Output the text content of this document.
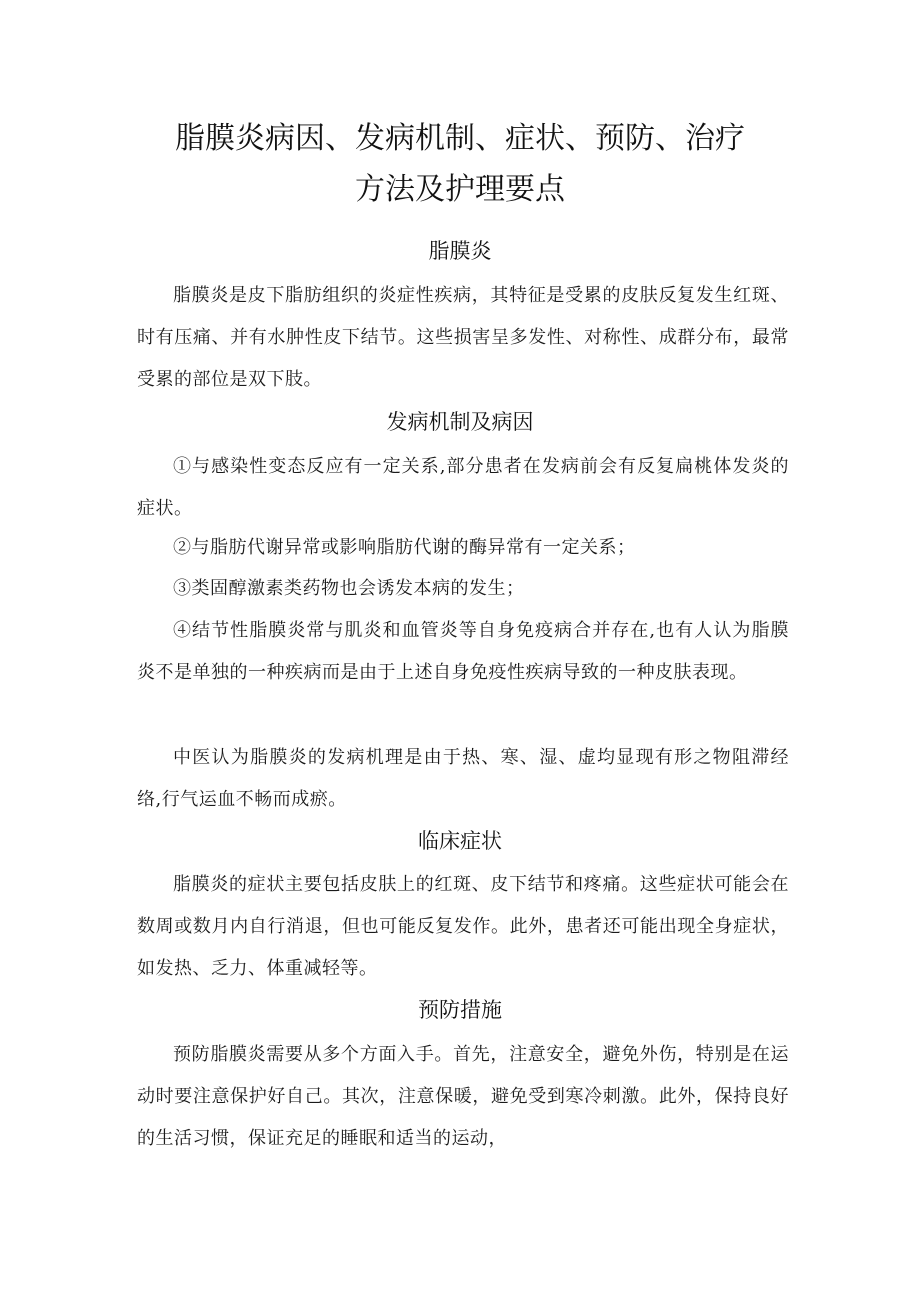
脂膜炎病因、发病机制、症状、预防、治疗
方法及护理要点
脂膜炎

脂膜炎是皮下脂肪组织的炎症性疾病，其特征是受累的皮肤反复发生红斑、时有压痛、并有水肿性皮下结节。这些损害呈多发性、对称性、成群分布，最常受累的部位是双下肢。

发病机制及病因

①与感染性变态反应有一定关系,部分患者在发病前会有反复扁桃体发炎的症状。

②与脂肪代谢异常或影响脂肪代谢的酶异常有一定关系；

③类固醇激素类药物也会诱发本病的发生；

④结节性脂膜炎常与肌炎和血管炎等自身免疫病合并存在,也有人认为脂膜炎不是单独的一种疾病而是由于上述自身免疫性疾病导致的一种皮肤表现。

中医认为脂膜炎的发病机理是由于热、寒、湿、虚均显现有形之物阻滞经络,行气运血不畅而成瘀。

临床症状

脂膜炎的症状主要包括皮肤上的红斑、皮下结节和疼痛。这些症状可能会在数周或数月内自行消退，但也可能反复发作。此外，患者还可能出现全身症状，如发热、乏力、体重减轻等。

预防措施

预防脂膜炎需要从多个方面入手。首先，注意安全，避免外伤，特别是在运动时要注意保护好自己。其次，注意保暖，避免受到寒冷刺激。此外，保持良好的生活习惯，保证充足的睡眠和适当的运动，
